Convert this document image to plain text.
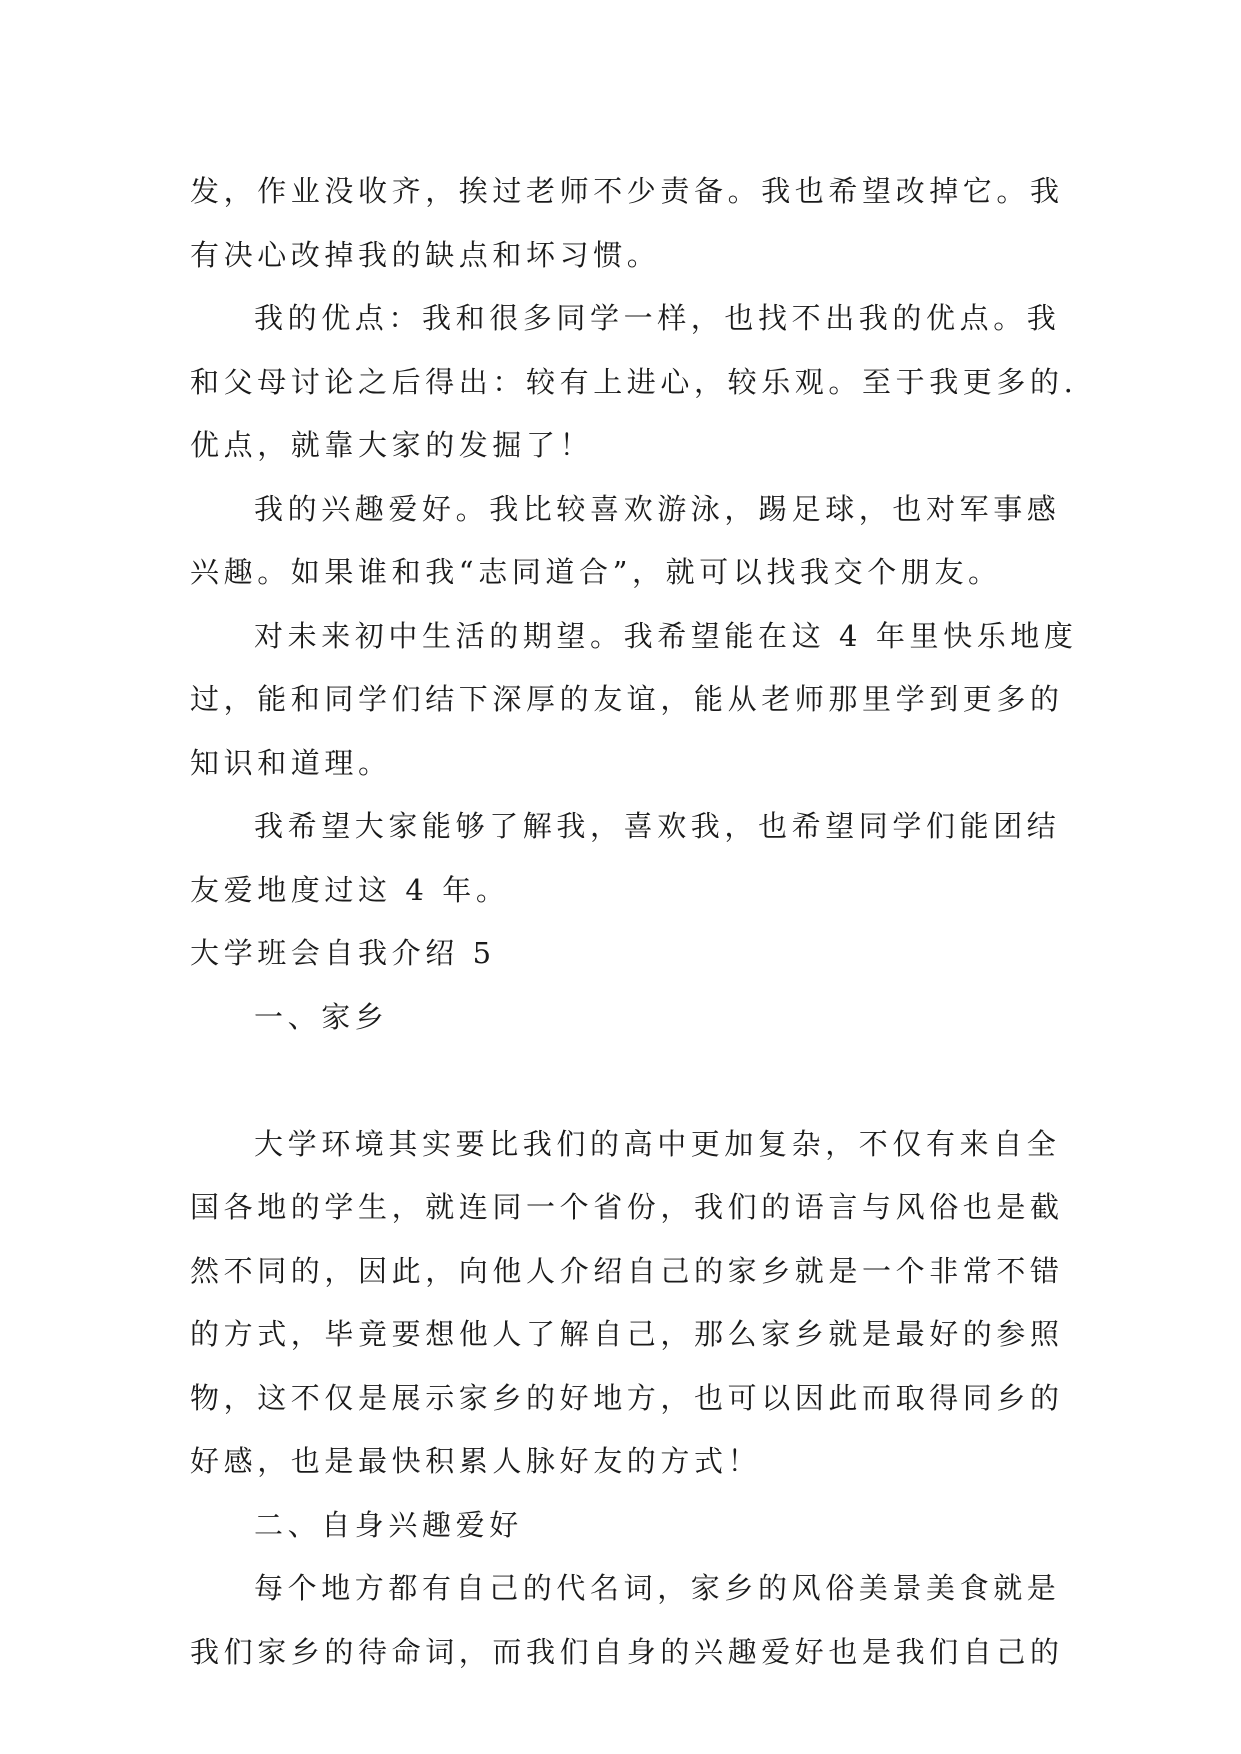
发，作业没收齐，挨过老师不少责备。我也希望改掉它。我
有决心改掉我的缺点和坏习惯。
我的优点：我和很多同学一样，也找不出我的优点。我
和父母讨论之后得出：较有上进心，较乐观。至于我更多的.
优点，就靠大家的发掘了！
我的兴趣爱好。我比较喜欢游泳，踢足球，也对军事感
兴趣。如果谁和我“志同道合”，就可以找我交个朋友。
对未来初中生活的期望。我希望能在这 4 年里快乐地度
过，能和同学们结下深厚的友谊，能从老师那里学到更多的
知识和道理。
我希望大家能够了解我，喜欢我，也希望同学们能团结
友爱地度过这 4 年。
大学班会自我介绍 5
一、家乡
大学环境其实要比我们的高中更加复杂，不仅有来自全
国各地的学生，就连同一个省份，我们的语言与风俗也是截
然不同的，因此，向他人介绍自己的家乡就是一个非常不错
的方式，毕竟要想他人了解自己，那么家乡就是最好的参照
物，这不仅是展示家乡的好地方，也可以因此而取得同乡的
好感，也是最快积累人脉好友的方式！
二、自身兴趣爱好
每个地方都有自己的代名词，家乡的风俗美景美食就是
我们家乡的待命词，而我们自身的兴趣爱好也是我们自己的
